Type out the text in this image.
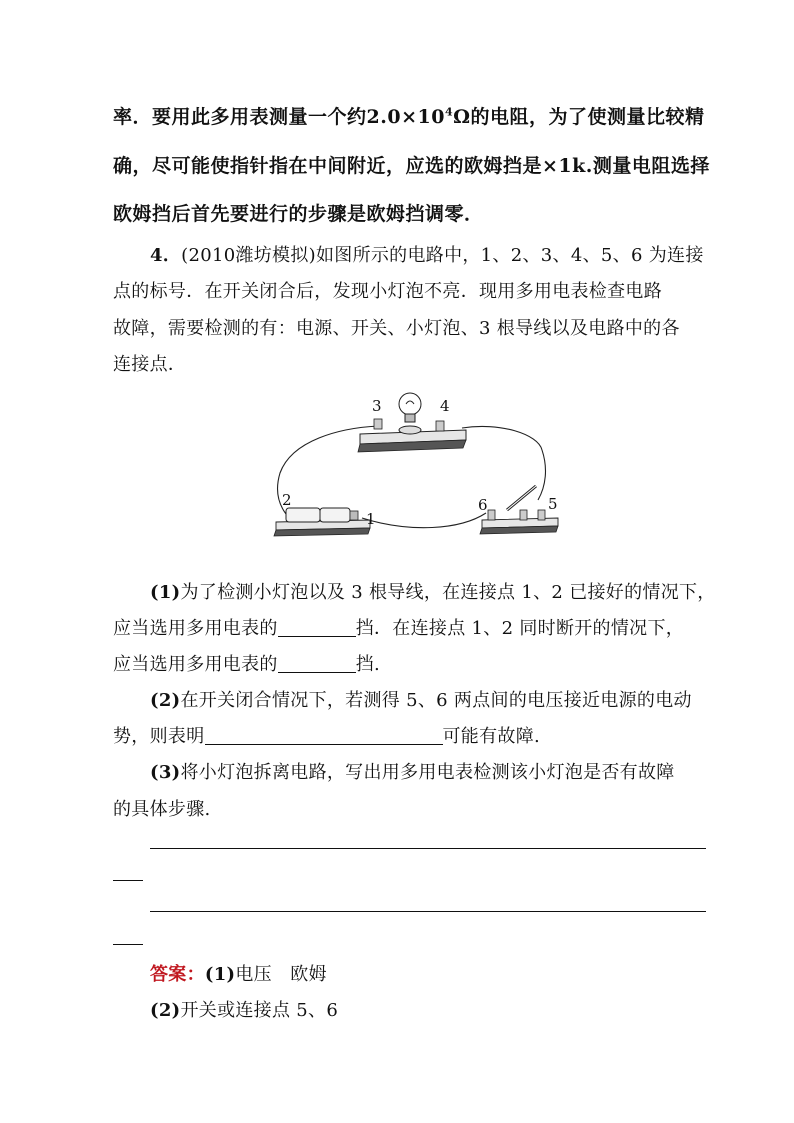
率．要用此多用表测量一个约$2.0\times 10^4\Omega$的电阻，为了使测量比较精
确，尽可能使指针指在中间附近，应选的欧姆挡是×1k.测量电阻选择
欧姆挡后首先要进行的步骤是欧姆挡调零．
4．(2010潍坊模拟)如图所示的电路中，1、2、3、4、5、6 为连接
点的标号．在开关闭合后，发现小灯泡不亮．现用多用电表检查电路
故障，需要检测的有：电源、开关、小灯泡、3 根导线以及电路中的各
连接点．
3	4
2
1
6	5
(1)为了检测小灯泡以及 3 根导线，在连接点 1、2 已接好的情况下，
应当选用多用电表的	挡．在连接点 1、2 同时断开的情况下，
应当选用多用电表的	挡.
(2)在开关闭合情况下，若测得 5、6 两点间的电压接近电源的电动
势，则表明	可能有故障.
(3)将小灯泡拆离电路，写出用多用电表检测该小灯泡是否有故障
的具体步骤.
答案：(1)电压　欧姆
(2)开关或连接点 5、6
